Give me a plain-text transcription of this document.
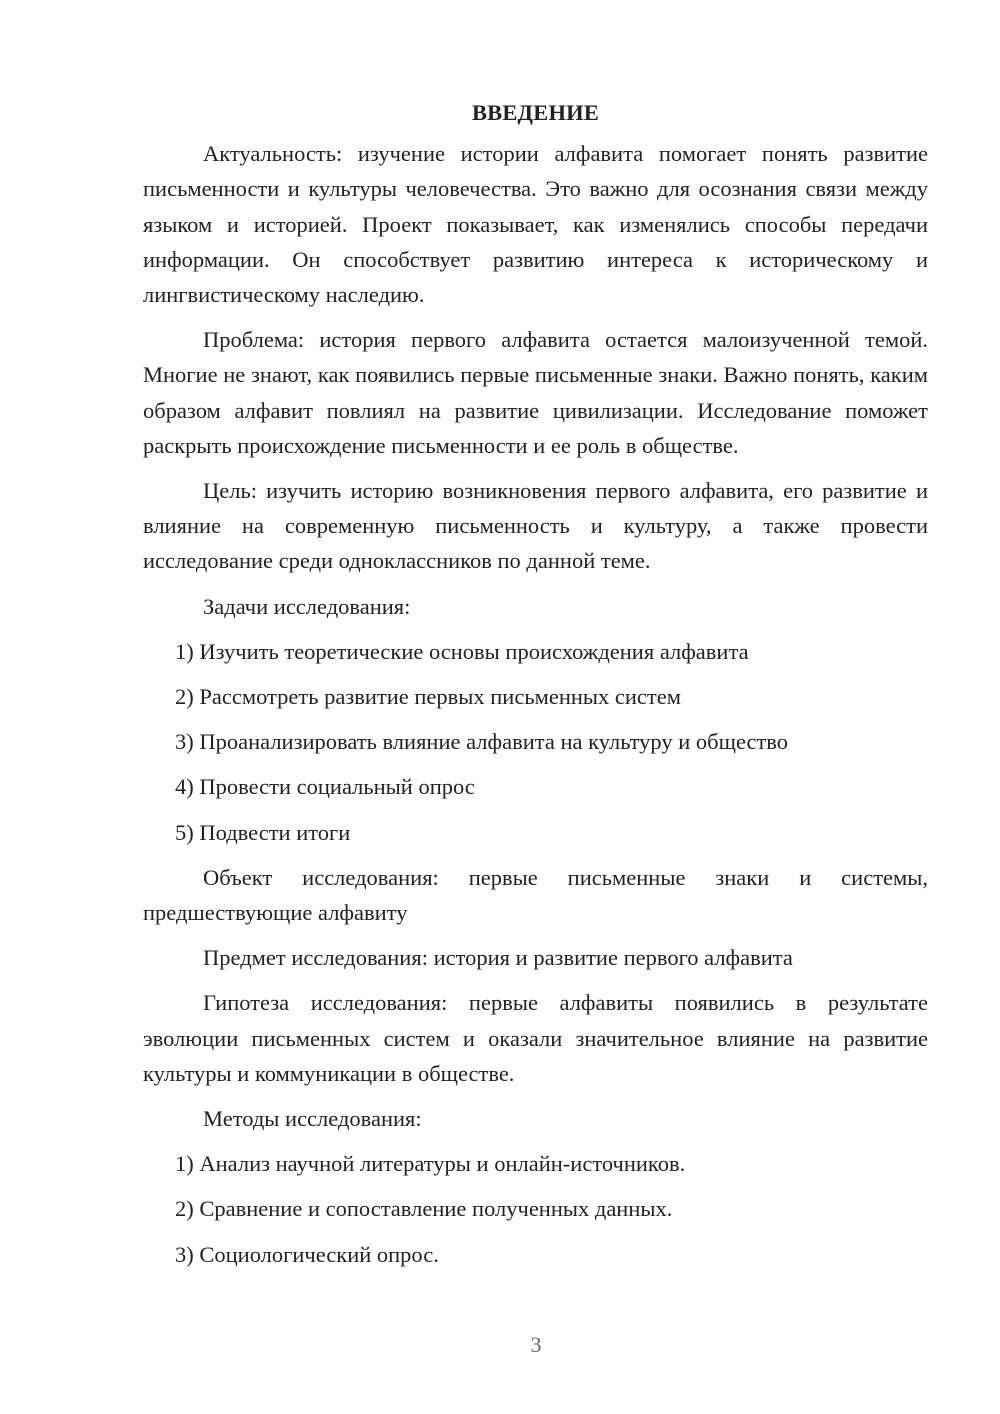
ВВЕДЕНИЕ

Актуальность: изучение истории алфавита помогает понять развитие письменности и культуры человечества. Это важно для осознания связи между языком и историей. Проект показывает, как изменялись способы передачи информации. Он способствует развитию интереса к историческому и лингвистическому наследию.

Проблема: история первого алфавита остается малоизученной темой. Многие не знают, как появились первые письменные знаки. Важно понять, каким образом алфавит повлиял на развитие цивилизации. Исследование поможет раскрыть происхождение письменности и ее роль в обществе.

Цель: изучить историю возникновения первого алфавита, его развитие и влияние на современную письменность и культуру, а также провести исследование среди одноклассников по данной теме.

Задачи исследования:

1) Изучить теоретические основы происхождения алфавита
2) Рассмотреть развитие первых письменных систем
3) Проанализировать влияние алфавита на культуру и общество
4) Провести социальный опрос
5) Подвести итоги

Объект исследования: первые письменные знаки и системы, предшествующие алфавиту

Предмет исследования: история и развитие первого алфавита

Гипотеза исследования: первые алфавиты появились в результате эволюции письменных систем и оказали значительное влияние на развитие культуры и коммуникации в обществе.

Методы исследования:

1) Анализ научной литературы и онлайн-источников.
2) Сравнение и сопоставление полученных данных.
3) Социологический опрос.
3
